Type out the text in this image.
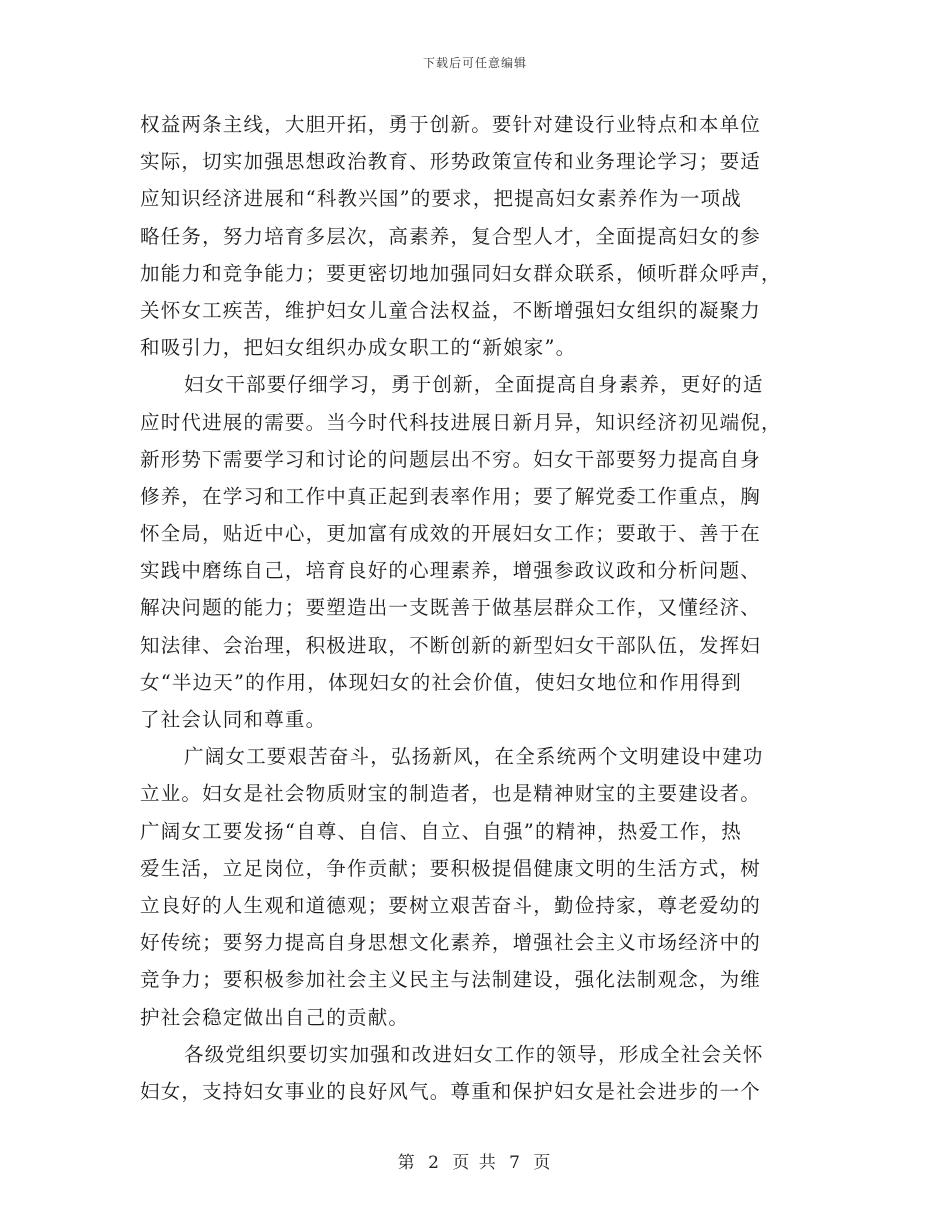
下载后可任意编辑
权益两条主线，大胆开拓，勇于创新。要针对建设行业特点和本单位
实际，切实加强思想政治教育、形势政策宣传和业务理论学习；要适
应知识经济进展和“科教兴国”的要求，把提高妇女素养作为一项战
略任务，努力培育多层次，高素养，复合型人才，全面提高妇女的参
加能力和竞争能力；要更密切地加强同妇女群众联系，倾听群众呼声，
关怀女工疾苦，维护妇女儿童合法权益，不断增强妇女组织的凝聚力
和吸引力，把妇女组织办成女职工的“新娘家”。
妇女干部要仔细学习，勇于创新，全面提高自身素养，更好的适
应时代进展的需要。当今时代科技进展日新月异，知识经济初见端倪，
新形势下需要学习和讨论的问题层出不穷。妇女干部要努力提高自身
修养，在学习和工作中真正起到表率作用；要了解党委工作重点，胸
怀全局，贴近中心，更加富有成效的开展妇女工作；要敢于、善于在
实践中磨练自己，培育良好的心理素养，增强参政议政和分析问题、
解决问题的能力；要塑造出一支既善于做基层群众工作，又懂经济、
知法律、会治理，积极进取，不断创新的新型妇女干部队伍，发挥妇
女“半边天”的作用，体现妇女的社会价值，使妇女地位和作用得到
了社会认同和尊重。
广阔女工要艰苦奋斗，弘扬新风，在全系统两个文明建设中建功
立业。妇女是社会物质财宝的制造者，也是精神财宝的主要建设者。
广阔女工要发扬“自尊、自信、自立、自强”的精神，热爱工作，热
爱生活，立足岗位，争作贡献；要积极提倡健康文明的生活方式，树
立良好的人生观和道德观；要树立艰苦奋斗，勤俭持家，尊老爱幼的
好传统；要努力提高自身思想文化素养，增强社会主义市场经济中的
竞争力；要积极参加社会主义民主与法制建设，强化法制观念，为维
护社会稳定做出自己的贡献。
各级党组织要切实加强和改进妇女工作的领导，形成全社会关怀
妇女，支持妇女事业的良好风气。尊重和保护妇女是社会进步的一个
第 2 页 共 7 页
